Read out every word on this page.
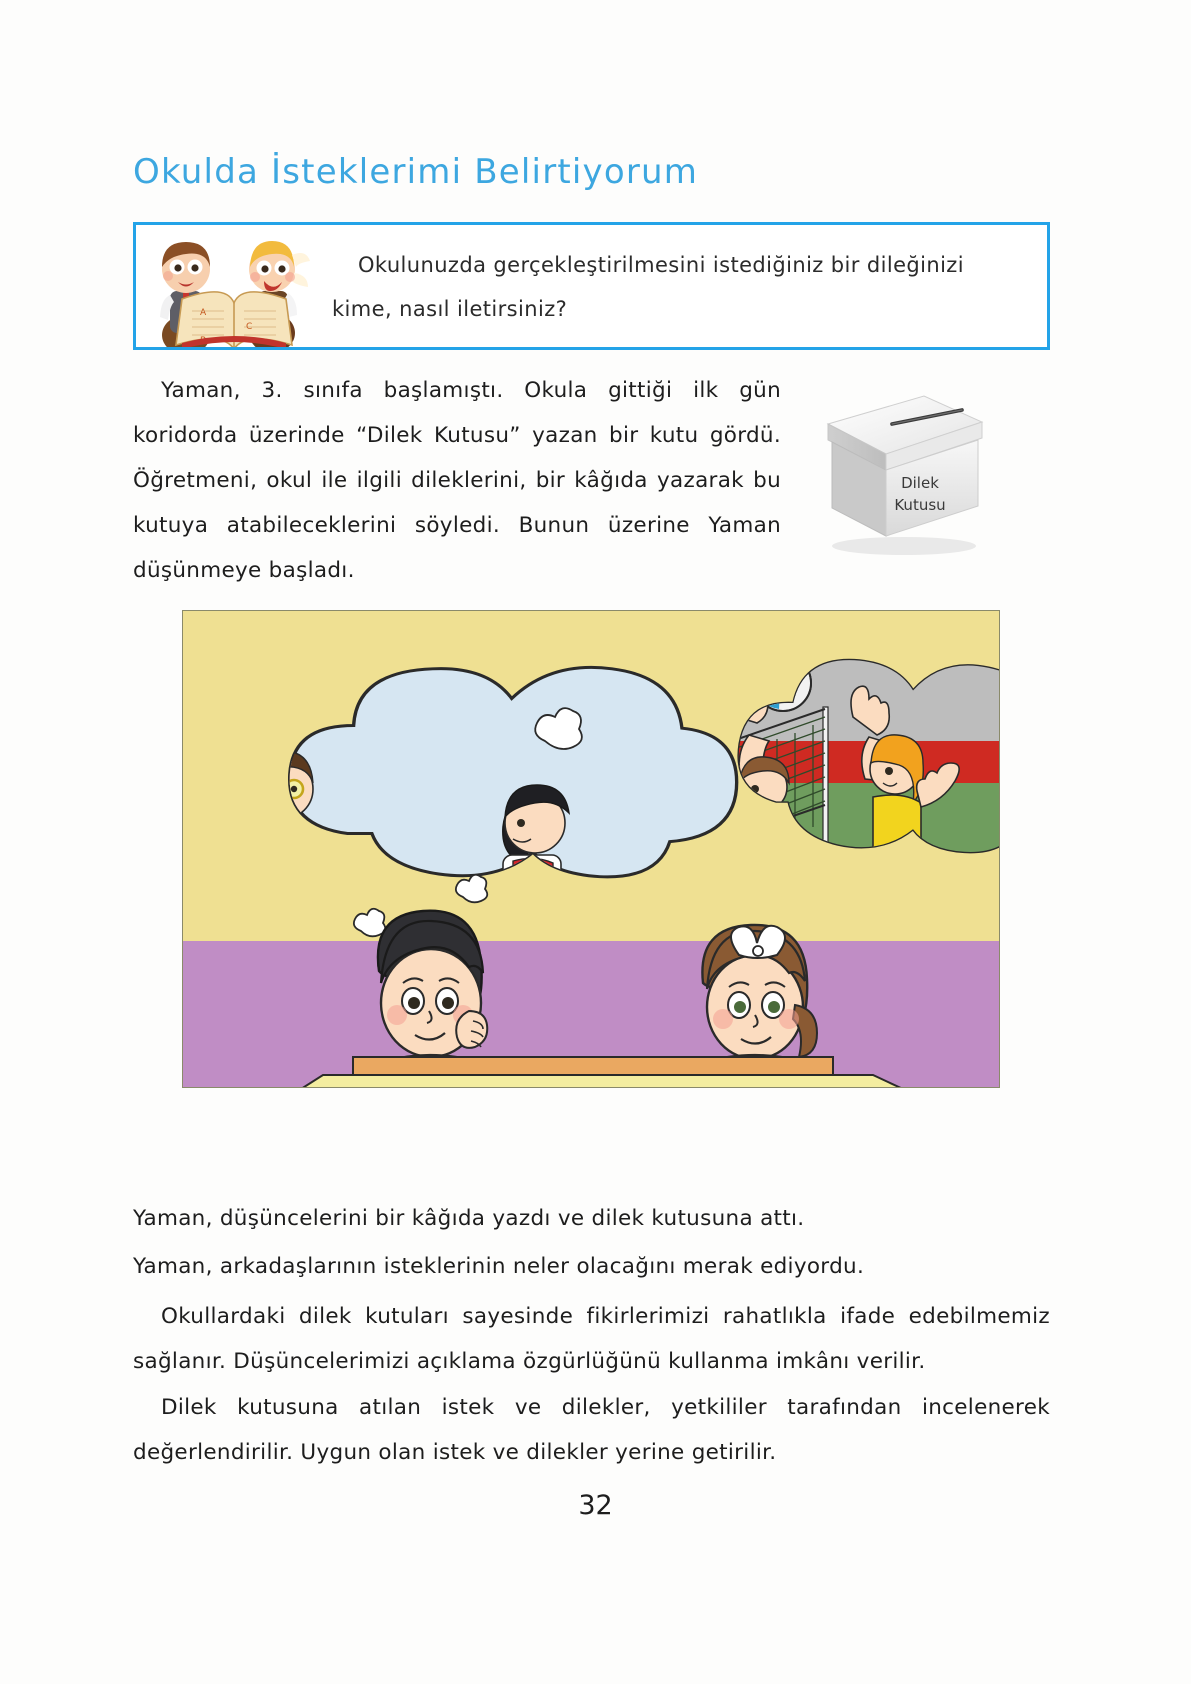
Okulda İsteklerimi Belirtiyorum
A
C
Okulunuzda gerçekleştirilmesini istediğiniz bir dileğinizi
kime, nasıl iletirsiniz?
Yaman, 3. sınıfa başlamıştı. Okula gittiği ilk gün koridorda üzerinde “Dilek Kutusu” yazan bir kutu gördü. Öğretmeni, okul ile ilgili dileklerini, bir kâğıda yazarak bu kutuya atabileceklerini söyledi. Bunun üzerine Yaman düşünmeye başladı.
Dilek
Kutusu
Yaman, düşüncelerini bir kâğıda yazdı ve dilek kutusuna attı.
Yaman, arkadaşlarının isteklerinin neler olacağını merak ediyordu.
Okullardaki dilek kutuları sayesinde fikirlerimizi rahatlıkla ifade edebilmemiz sağlanır. Düşüncelerimizi açıklama özgürlüğünü kullanma imkânı verilir.
Dilek kutusuna atılan istek ve dilekler, yetkililer tarafından incelenerek değerlendirilir. Uygun olan istek ve dilekler yerine getirilir.
32
